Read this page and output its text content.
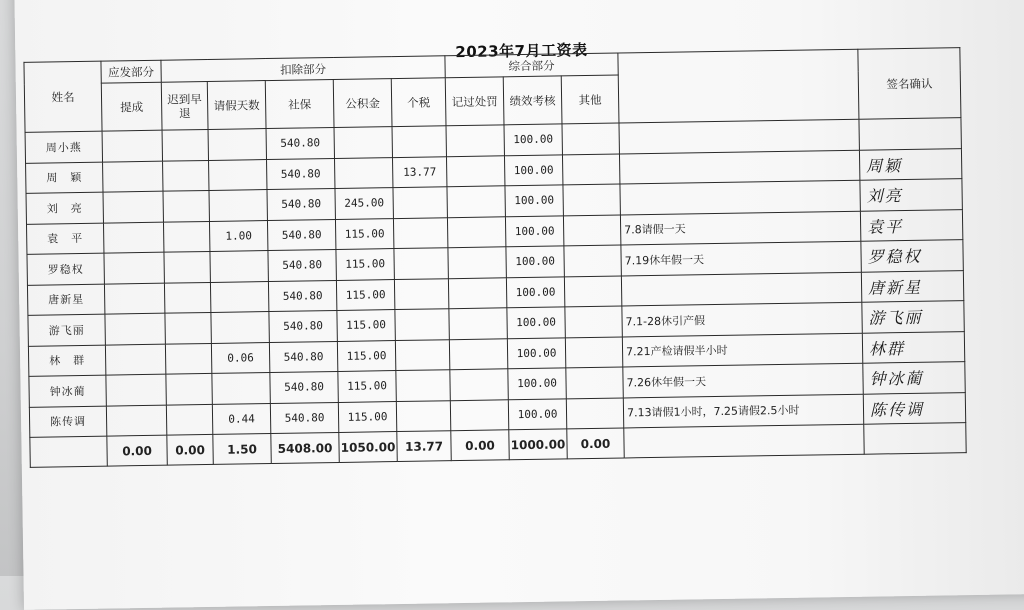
2023年7月工资表
姓名	应发部分	扣除部分					综合部分				签名确认
	提成	迟到早退	请假天数	社保	公积金	个税	记过处罚	绩效考核	其他		
周小燕				540.80				100.00			
周　颖				540.80		13.77		100.00			周颖
刘　亮				540.80	245.00			100.00			刘亮
袁　平			1.00	540.80	115.00			100.00		7.8请假一天	袁平
罗稳权				540.80	115.00			100.00		7.19休年假一天	罗稳权
唐新星				540.80	115.00			100.00			唐新星
游飞丽				540.80	115.00			100.00		7.1-28休引产假	游飞丽
林　群			0.06	540.80	115.00			100.00		7.21产检请假半小时	林群
钟冰蔺				540.80	115.00			100.00		7.26休年假一天	钟冰蔺
陈传调			0.44	540.80	115.00			100.00		7.13请假1小时，7.25请假2.5小时	陈传调
	0.00	0.00	1.50	5408.00	1050.00	13.77	0.00	1000.00	0.00		
